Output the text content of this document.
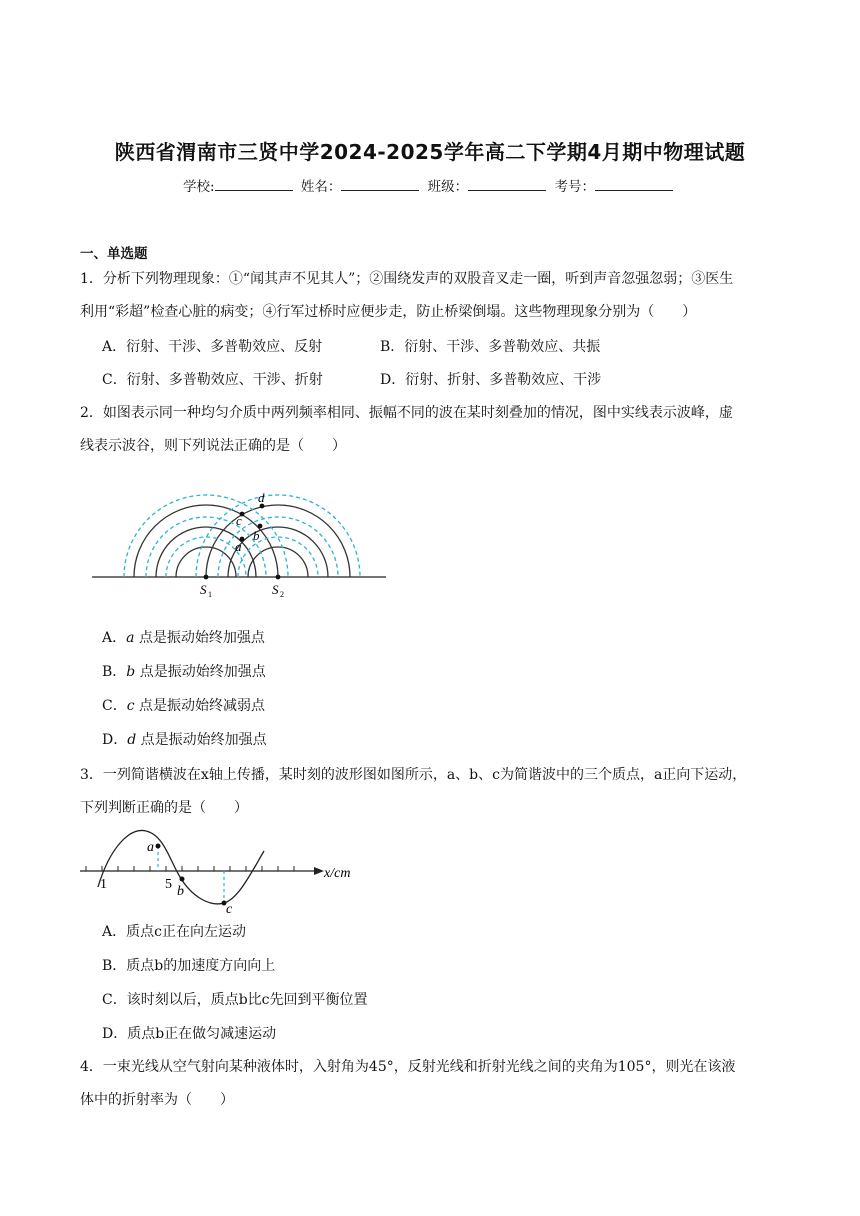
陕西省渭南市三贤中学2024-2025学年高二下学期4月期中物理试题
学校:	姓名：	班级：	考号：
一、单选题
1．分析下列物理现象：①“闻其声不见其人”；②围绕发声的双股音叉走一圈，听到声音忽强忽弱；③医生
利用“彩超”检查心脏的病变；④行军过桥时应便步走，防止桥梁倒塌。这些物理现象分别为（　　）
A．衍射、干涉、多普勒效应、反射	B．衍射、干涉、多普勒效应、共振
C．衍射、多普勒效应、干涉、折射	D．衍射、折射、多普勒效应、干涉
2．如图表示同一种均匀介质中两列频率相同、振幅不同的波在某时刻叠加的情况，图中实线表示波峰，虚
线表示波谷，则下列说法正确的是（　　）
a
b
c
d
S 1	S 2
A．a 点是振动始终加强点
B．b 点是振动始终加强点
C．c 点是振动始终减弱点
D．d 点是振动始终加强点
3．一列简谐横波在x轴上传播，某时刻的波形图如图所示，a、b、c为简谐波中的三个质点，a正向下运动，
下列判断正确的是（　　）
a
b
c
1	5
x/cm
A．质点c正在向左运动
B．质点b的加速度方向向上
C．该时刻以后，质点b比c先回到平衡位置
D．质点b正在做匀减速运动
4．一束光线从空气射向某种液体时，入射角为45°，反射光线和折射光线之间的夹角为105°，则光在该液
体中的折射率为（　　）
